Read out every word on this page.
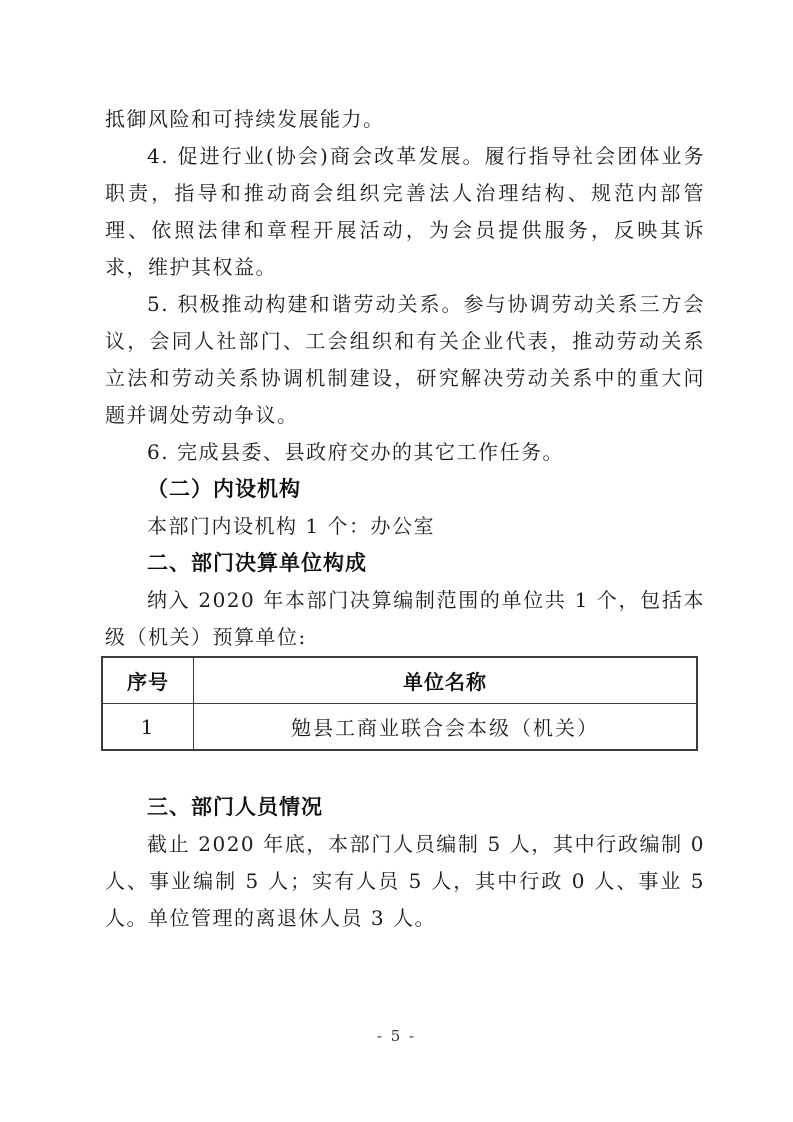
抵御风险和可持续发展能力。

4. 促进行业(协会)商会改革发展。履行指导社会团体业务职责，指导和推动商会组织完善法人治理结构、规范内部管理、依照法律和章程开展活动，为会员提供服务，反映其诉求，维护其权益。

5. 积极推动构建和谐劳动关系。参与协调劳动关系三方会议，会同人社部门、工会组织和有关企业代表，推动劳动关系立法和劳动关系协调机制建设，研究解决劳动关系中的重大问题并调处劳动争议。

6. 完成县委、县政府交办的其它工作任务。

（二）内设机构

本部门内设机构 1 个：办公室

二、部门决算单位构成

纳入 2020 年本部门决算编制范围的单位共 1 个，包括本级（机关）预算单位:

序号	单位名称
1	勉县工商业联合会本级（机关）
三、部门人员情况

截止 2020 年底，本部门人员编制 5 人，其中行政编制 0 人、事业编制 5 人；实有人员 5 人，其中行政 0 人、事业 5 人。单位管理的离退休人员 3 人。

- 5 -
